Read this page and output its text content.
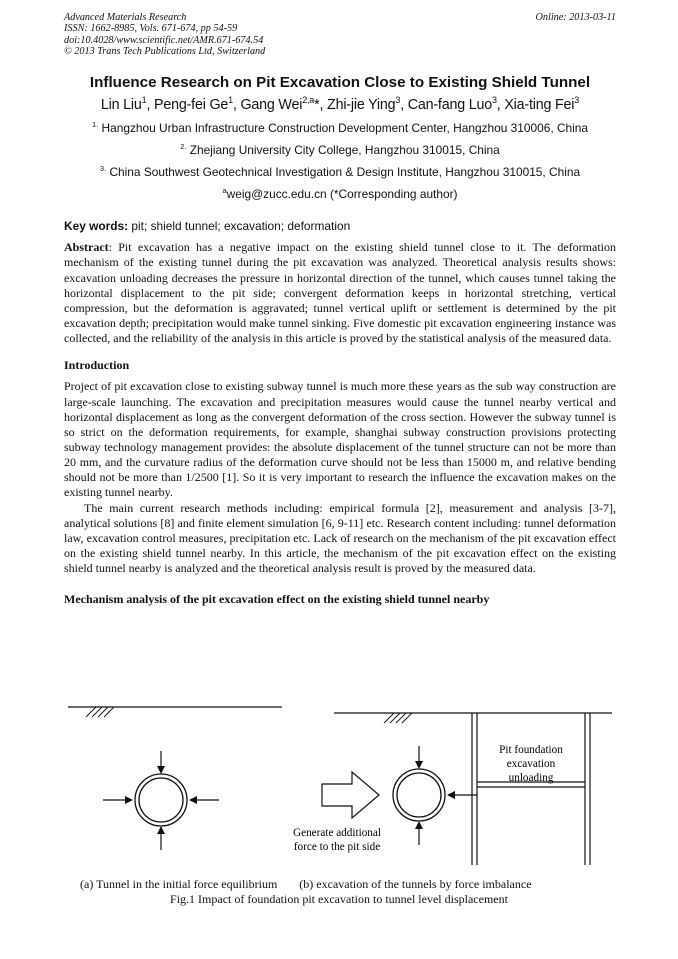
Advanced Materials Research
ISSN: 1662-8985, Vols. 671-674, pp 54-59
doi:10.4028/www.scientific.net/AMR.671-674.54
© 2013 Trans Tech Publications Ltd, Switzerland
Online: 2013-03-11
Influence Research on Pit Excavation Close to Existing Shield Tunnel
Lin Liu$^1$, Peng-fei Ge$^1$, Gang Wei$^{2,a}$*, Zhi-jie Ying$^3$, Can-fang Luo$^3$, Xia-ting Fei$^3$
$^{1.}$ Hangzhou Urban Infrastructure Construction Development Center, Hangzhou 310006, China
$^{2.}$ Zhejiang University City College, Hangzhou 310015, China
$^{3.}$ China Southwest Geotechnical Investigation & Design Institute, Hangzhou 310015, China
$^a$weig@zucc.edu.cn (*Corresponding author)
Key words: pit; shield tunnel; excavation; deformation
Abstract: Pit excavation has a negative impact on the existing shield tunnel close to it. The deformation mechanism of the existing tunnel during the pit excavation was analyzed. Theoretical analysis results shows: excavation unloading decreases the pressure in horizontal direction of the tunnel, which causes tunnel taking the horizontal displacement to the pit side; convergent deformation keeps in horizontal stretching, vertical compression, but the deformation is aggravated; tunnel vertical uplift or settlement is determined by the pit excavation depth; precipitation would make tunnel sinking. Five domestic pit excavation engineering instance was collected, and the reliability of the analysis in this article is proved by the statistical analysis of the measured data.
Introduction
Project of pit excavation close to existing subway tunnel is much more these years as the sub way construction are large-scale launching. The excavation and precipitation measures would cause the tunnel nearby vertical and horizontal displacement as long as the convergent deformation of the cross section. However the subway tunnel is so strict on the deformation requirements, for example, shanghai subway construction provisions protecting subway technology management provides: the absolute displacement of the tunnel structure can not be more than 20 mm, and the curvature radius of the deformation curve should not be less than 15000 m, and relative bending should not be more than 1/2500 [1]. So it is very important to research the influence the excavation makes on the existing tunnel nearby.
The main current research methods including: empirical formula [2], measurement and analysis [3-7], analytical solutions [8] and finite element simulation [6, 9-11] etc. Research content including: tunnel deformation law, excavation control measures, precipitation etc. Lack of research on the mechanism of the pit excavation effect on the existing shield tunnel nearby. In this article, the mechanism of the pit excavation effect on the existing shield tunnel nearby is analyzed and the theoretical analysis result is proved by the measured data.
Mechanism analysis of the pit excavation effect on the existing shield tunnel nearby
Pit foundation
excavation
unloading
Generate additional
force to the pit side
(a) Tunnel in the initial force equilibrium (b) excavation of the tunnels by force imbalance
Fig.1 Impact of foundation pit excavation to tunnel level displacement
